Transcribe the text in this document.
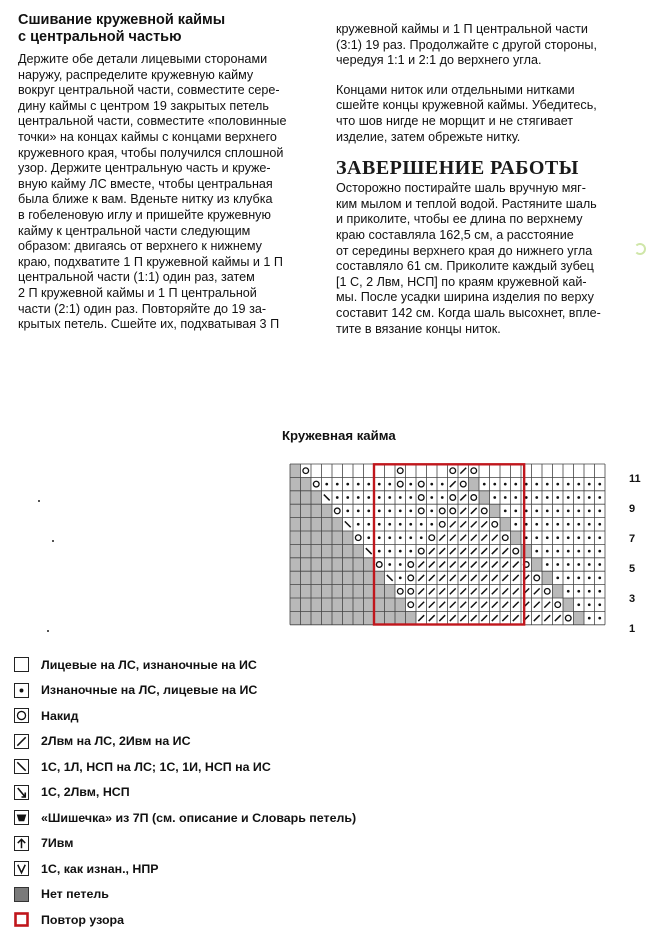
Сшивание кружевной каймы
с центральной частью
Держите обе детали лицевыми сторонами
наружу, распределите кружевную кайму
вокруг центральной части, совместите сере-
дину каймы с центром 19 закрытых петель
центральной части, совместите «половинные
точки» на концах каймы с концами верхнего
кружевного края, чтобы получился сплошной
узор. Держите центральную часть и круже-
вную кайму ЛС вместе, чтобы центральная
была ближе к вам. Вденьте нитку из клубка
в гобеленовую иглу и пришейте кружевную
кайму к центральной части следующим
образом: двигаясь от верхнего к нижнему
краю, подхватите 1 П кружевной каймы и 1 П
центральной части (1:1) один раз, затем
2 П кружевной каймы и 1 П центральной
части (2:1) один раз. Повторяйте до 19 за-
крытых петель. Сшейте их, подхватывая 3 П
кружевной каймы и 1 П центральной части
(3:1) 19 раз. Продолжайте с другой стороны,
чередуя 1:1 и 2:1 до верхнего угла.
Концами ниток или отдельными нитками
сшейте концы кружевной каймы. Убедитесь,
что шов нигде не морщит и не стягивает
изделие, затем обрежьте нитку.
ЗАВЕРШЕНИЕ РАБОТЫ
Осторожно постирайте шаль вручную мяг-
ким мылом и теплой водой. Растяните шаль
и приколите, чтобы ее длина по верхнему
краю составляла 162,5 см, а расстояние
от середины верхнего края до нижнего угла
составляло 61 см. Приколите каждый зубец
[1 С, 2 Лвм, НСП] по краям кружевной кай-
мы. После усадки ширина изделия по верху
составит 142 см. Когда шаль высохнет, впле-
тите в вязание концы ниток.
Кружевная кайма
11
9
7
5
3
1
Лицевые на ЛС, изнаночные на ИС
Изнаночные на ЛС, лицевые на ИС
Накид
2Лвм на ЛС, 2Ивм на ИС
1С, 1Л, НСП на ЛС; 1С, 1И, НСП на ИС
1С, 2Лвм, НСП
«Шишечка» из 7П (см. описание и Словарь петель)
7Ивм
1С, как изнан., НПР
Нет петель
Повтор узора
